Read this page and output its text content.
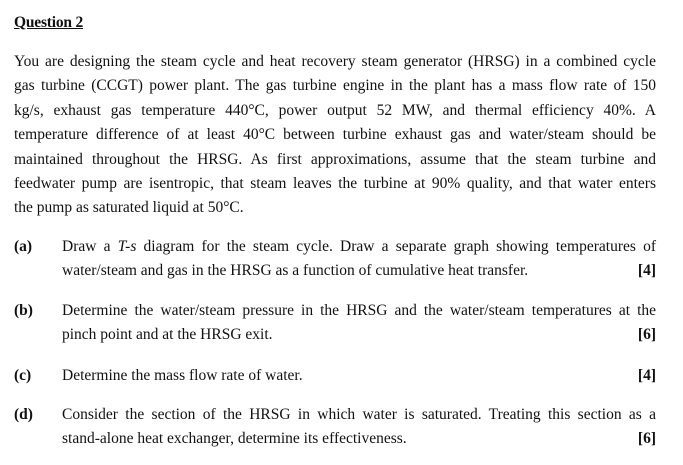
Question 2
You are designing the steam cycle and heat recovery steam generator (HRSG) in a combined cycle
gas turbine (CCGT) power plant. The gas turbine engine in the plant has a mass flow rate of 150
kg/s, exhaust gas temperature 440°C, power output 52 MW, and thermal efficiency 40%. A
temperature difference of at least 40°C between turbine exhaust gas and water/steam should be
maintained throughout the HRSG. As first approximations, assume that the steam turbine and
feedwater pump are isentropic, that steam leaves the turbine at 90% quality, and that water enters
the pump as saturated liquid at 50°C.
(a) Draw a T-s diagram for the steam cycle. Draw a separate graph showing temperatures of
water/steam and gas in the HRSG as a function of cumulative heat transfer.	[4]
(b) Determine the water/steam pressure in the HRSG and the water/steam temperatures at the
pinch point and at the HRSG exit.	[6]
(c) Determine the mass flow rate of water.	[4]
(d) Consider the section of the HRSG in which water is saturated. Treating this section as a
stand-alone heat exchanger, determine its effectiveness.	[6]
